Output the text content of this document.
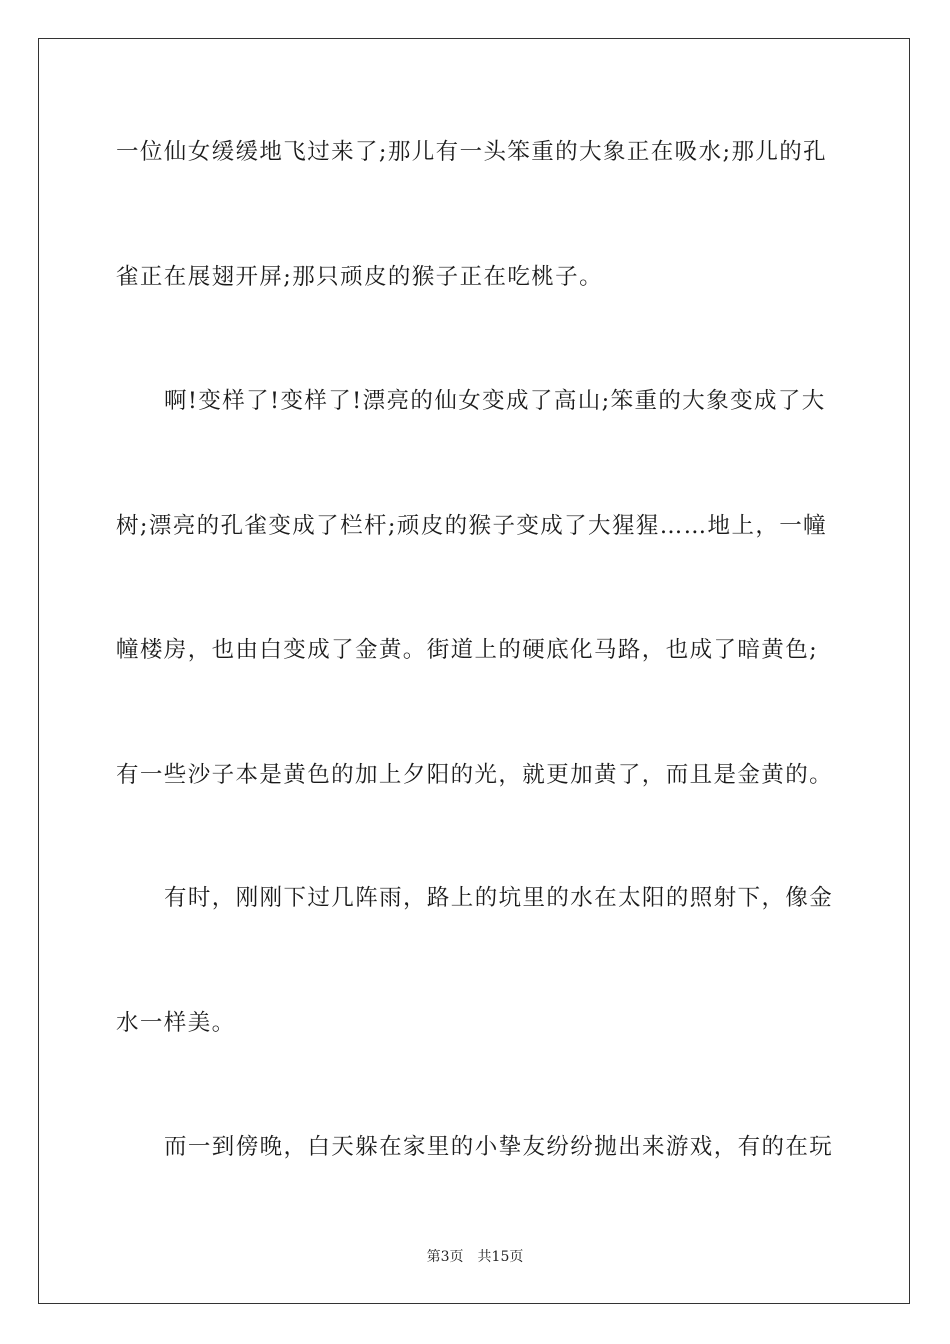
一位仙女缓缓地飞过来了;那儿有一头笨重的大象正在吸水;那儿的孔
雀正在展翅开屏;那只顽皮的猴子正在吃桃子。
啊!变样了!变样了!漂亮的仙女变成了高山;笨重的大象变成了大
树;漂亮的孔雀变成了栏杆;顽皮的猴子变成了大猩猩……地上，一幢
幢楼房，也由白变成了金黄。街道上的硬底化马路，也成了暗黄色;
有一些沙子本是黄色的加上夕阳的光，就更加黄了，而且是金黄的。
有时，刚刚下过几阵雨，路上的坑里的水在太阳的照射下，像金
水一样美。
而一到傍晚，白天躲在家里的小挚友纷纷抛出来游戏，有的在玩
第3页 共15页
